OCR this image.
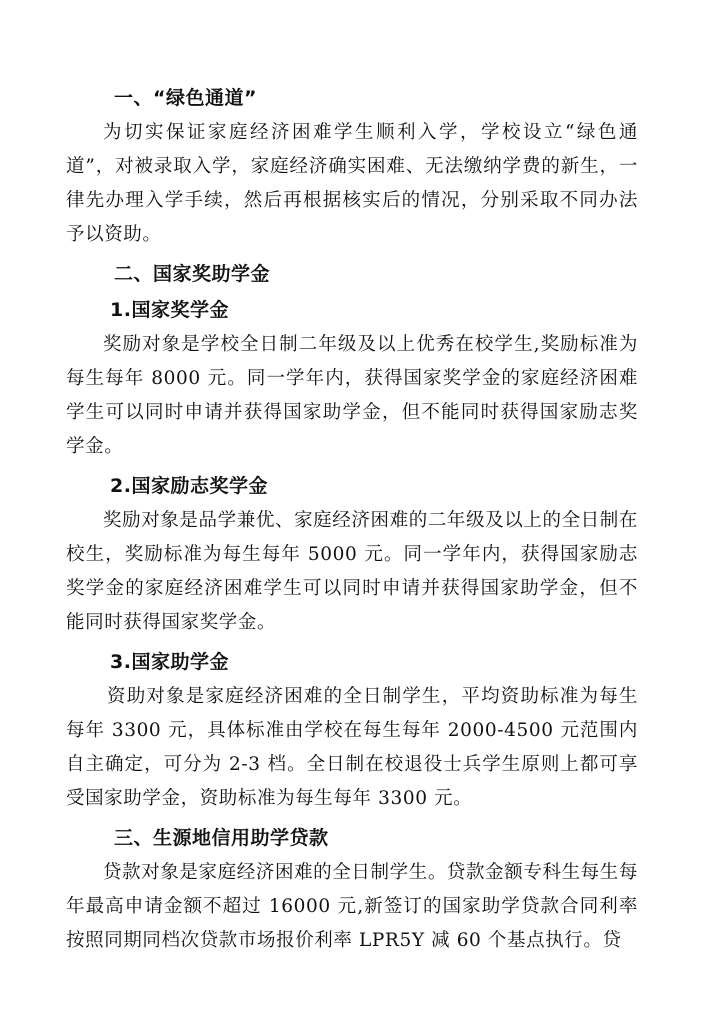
一、“绿色通道”

为切实保证家庭经济困难学生顺利入学，学校设立“绿色通道”，对被录取入学，家庭经济确实困难、无法缴纳学费的新生，一律先办理入学手续，然后再根据核实后的情况，分别采取不同办法予以资助。

二、国家奖助学金
1.国家奖学金

奖励对象是学校全日制二年级及以上优秀在校学生,奖励标准为每生每年 8000 元。同一学年内，获得国家奖学金的家庭经济困难学生可以同时申请并获得国家助学金，但不能同时获得国家励志奖学金。

2.国家励志奖学金

奖励对象是品学兼优、家庭经济困难的二年级及以上的全日制在校生，奖励标准为每生每年 5000 元。同一学年内，获得国家励志奖学金的家庭经济困难学生可以同时申请并获得国家助学金，但不能同时获得国家奖学金。

3.国家助学金

资助对象是家庭经济困难的全日制学生，平均资助标准为每生每年 3300 元，具体标准由学校在每生每年 2000-4500 元范围内自主确定，可分为 2-3 档。全日制在校退役士兵学生原则上都可享受国家助学金，资助标准为每生每年 3300 元。

三、生源地信用助学贷款

贷款对象是家庭经济困难的全日制学生。贷款金额专科生每生每年最高申请金额不超过 16000 元,新签订的国家助学贷款合同利率按照同期同档次贷款市场报价利率 LPR5Y 减 60 个基点执行。贷
